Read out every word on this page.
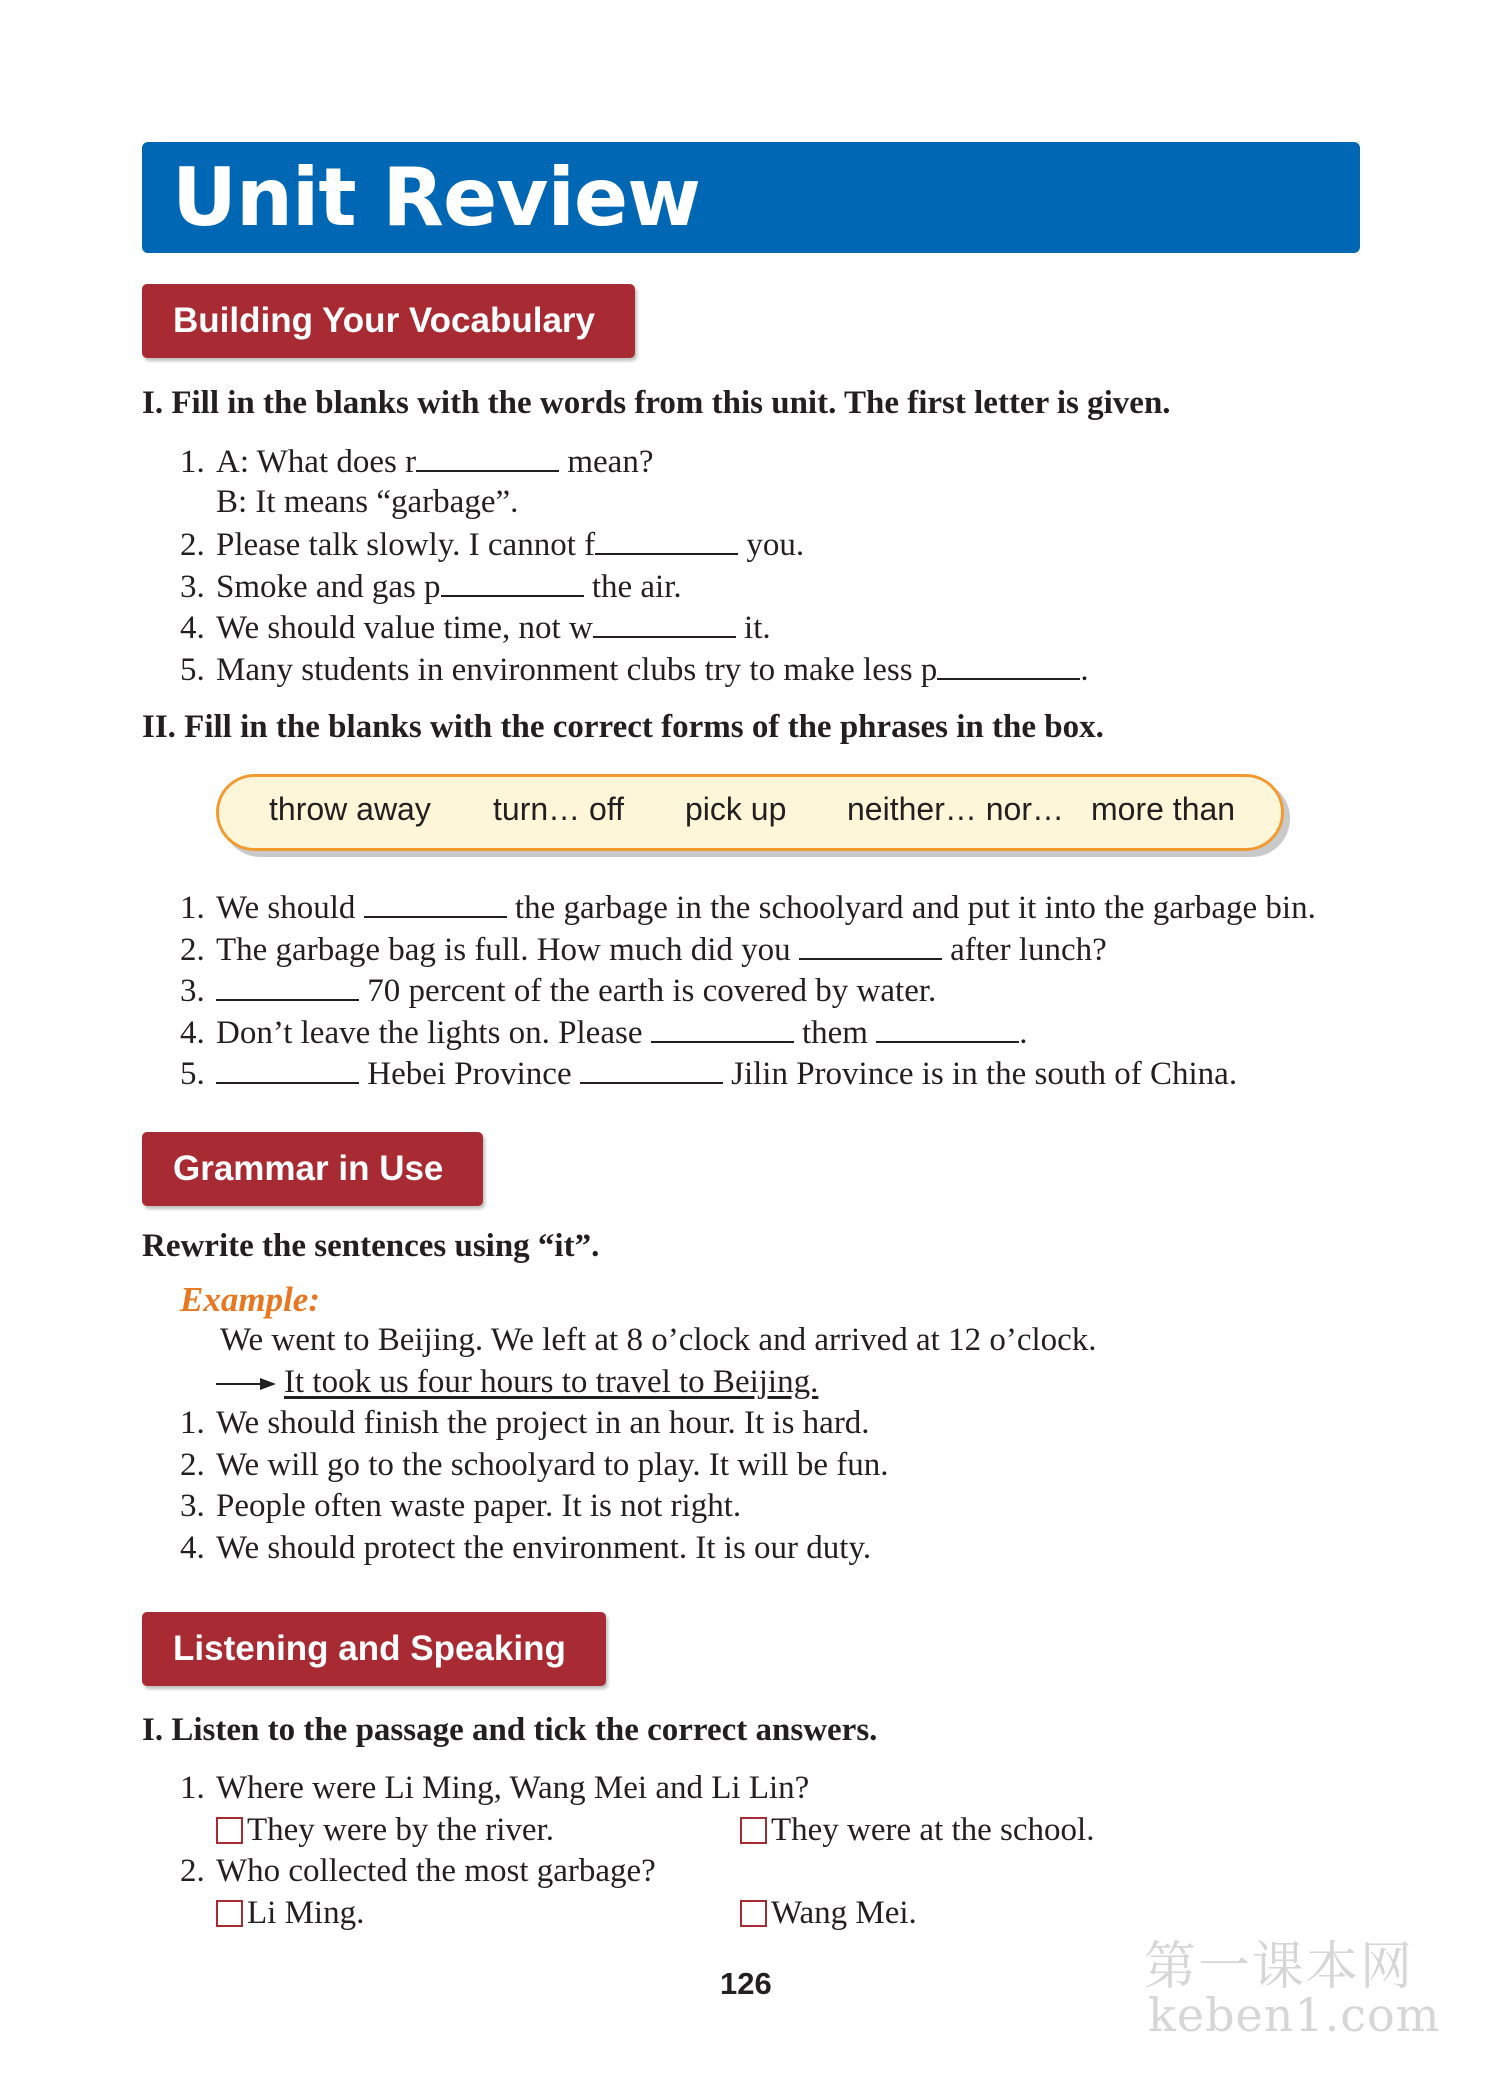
Unit Review
Building Your Vocabulary
I. Fill in the blanks with the words from this unit. The first letter is given.
1. A: What does r	mean?
B: It means “garbage”.
2. Please talk slowly. I cannot f	you.
3. Smoke and gas p	the air.
4. We should value time, not w	it.
5. Many students in environment clubs try to make less p	.
II. Fill in the blanks with the correct forms of the phrases in the box.
throw away turn… off pick up neither… nor… more than
1. We should	the garbage in the schoolyard and put it into the garbage bin.
2. The garbage bag is full. How much did you	after lunch?
3.	70 percent of the earth is covered by water.
4. Don’t leave the lights on. Please	them	.
5.	Hebei Province	Jilin Province is in the south of China.
Grammar in Use
Rewrite the sentences using “it”.
Example:
We went to Beijing. We left at 8 o’clock and arrived at 12 o’clock.
It took us four hours to travel to Beijing.
1. We should finish the project in an hour. It is hard.
2. We will go to the schoolyard to play. It will be fun.
3. People often waste paper. It is not right.
4. We should protect the environment. It is our duty.
Listening and Speaking
I. Listen to the passage and tick the correct answers.
1. Where were Li Ming, Wang Mei and Li Lin?
They were by the river.	They were at the school.
2. Who collected the most garbage?
Li Ming.	Wang Mei.
126	第一课本网
keben1.com
